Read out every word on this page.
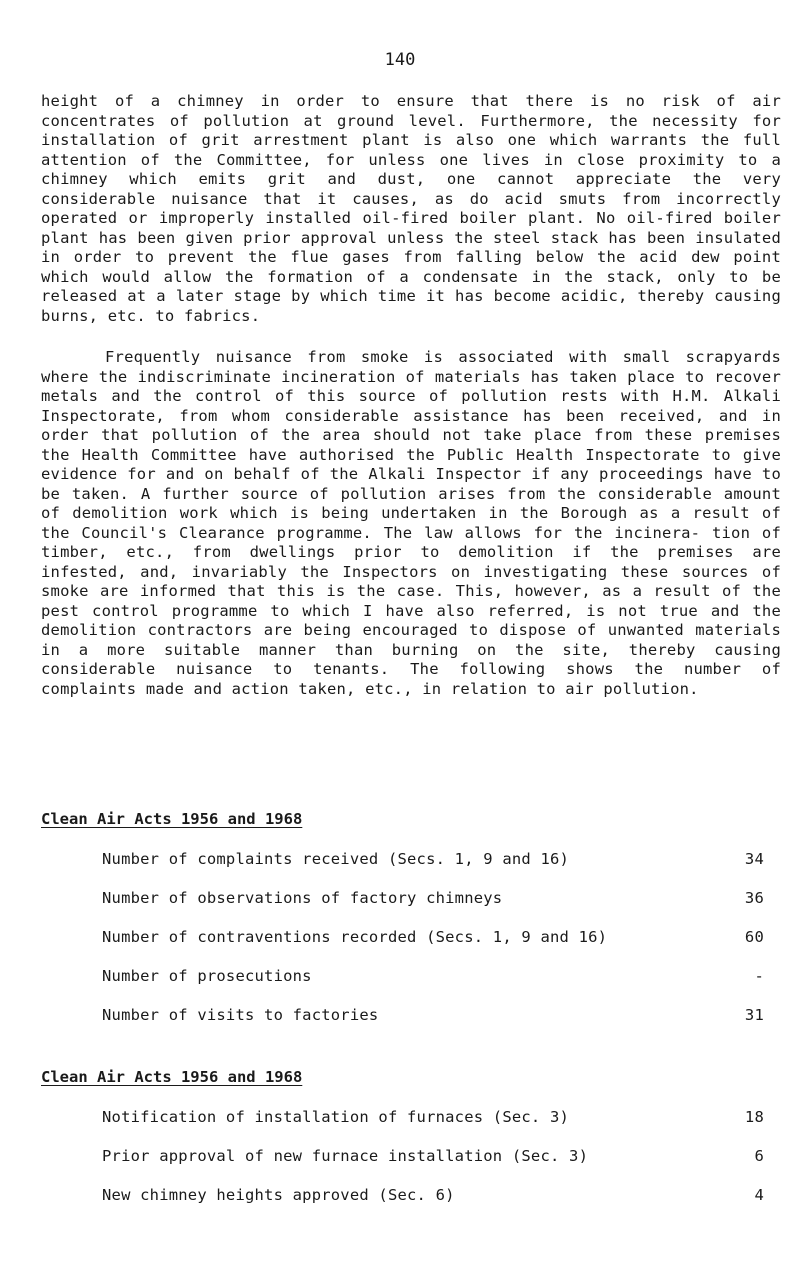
140

height of a chimney in order to ensure that there is no risk of air concentrates of pollution at ground level. Furthermore, the necessity for installation of grit arrestment plant is also one which warrants the full attention of the Committee, for unless one lives in close proximity to a chimney which emits grit and dust, one cannot appreciate the very considerable nuisance that it causes, as do acid smuts from incorrectly operated or improperly installed oil-fired boiler plant. No oil-fired boiler plant has been given prior approval unless the steel stack has been insulated in order to prevent the flue gases from falling below the acid dew point which would allow the formation of a condensate in the stack, only to be released at a later stage by which time it has become acidic, thereby causing burns, etc. to fabrics.

Frequently nuisance from smoke is associated with small scrapyards where the indiscriminate incineration of materials has taken place to recover metals and the control of this source of pollution rests with H.M. Alkali Inspectorate, from whom considerable assistance has been received, and in order that pollution of the area should not take place from these premises the Health Committee have authorised the Public Health Inspectorate to give evidence for and on behalf of the Alkali Inspector if any proceedings have to be taken. A further source of pollution arises from the considerable amount of demolition work which is being undertaken in the Borough as a result of the Council's Clearance programme. The law allows for the incinera- tion of timber, etc., from dwellings prior to demolition if the premises are infested, and, invariably the Inspectors on investigating these sources of smoke are informed that this is the case. This, however, as a result of the pest control programme to which I have also referred, is not true and the demolition contractors are being encouraged to dispose of unwanted materials in a more suitable manner than burning on the site, thereby causing considerable nuisance to tenants. The following shows the number of complaints made and action taken, etc., in relation to air pollution.

Clean Air Acts 1956 and 1968
Number of complaints received (Secs. 1, 9 and 16)	34
Number of observations of factory chimneys	36
Number of contraventions recorded (Secs. 1, 9 and 16)	60
Number of prosecutions	-
Number of visits to factories	31
Clean Air Acts 1956 and 1968
Notification of installation of furnaces (Sec. 3)	18
Prior approval of new furnace installation (Sec. 3)	6
New chimney heights approved (Sec. 6)	4
